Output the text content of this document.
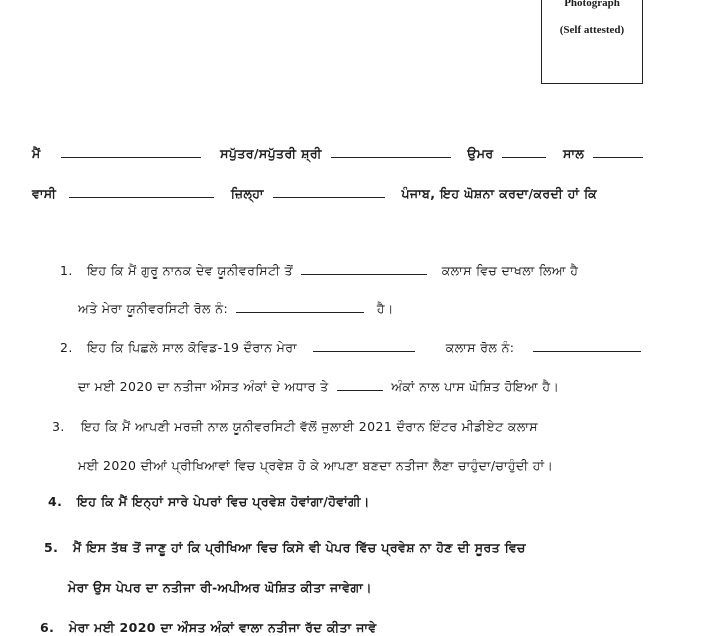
Photograph
(Self attested)
ਮੈਂ	ਸਪੁੱਤਰ/ਸਪੁੱਤਰੀ ਸ਼੍ਰੀ	ਉਮਰ	ਸਾਲ
ਵਾਸੀ	ਜ਼ਿਲ੍ਹਾ	ਪੰਜਾਬ, ਇਹ ਘੋਸ਼ਨਾ ਕਰਦਾ/ਕਰਦੀ ਹਾਂ ਕਿ
1. ਇਹ ਕਿ ਮੈਂ ਗੁਰੂ ਨਾਨਕ ਦੇਵ ਯੂਨੀਵਰਸਿਟੀ ਤੋਂ	ਕਲਾਸ ਵਿਚ ਦਾਖਲਾ ਲਿਆ ਹੈ
ਅਤੇ ਮੇਰਾ ਯੂਨੀਵਰਸਿਟੀ ਰੋਲ ਨੰ:	ਹੈ।
2. ਇਹ ਕਿ ਪਿਛਲੇ ਸਾਲ ਕੋਵਿਡ-19 ਦੌਰਾਨ ਮੇਰਾ	ਕਲਾਸ ਰੋਲ ਨੰ:
ਦਾ ਮਈ 2020 ਦਾ ਨਤੀਜਾ ਔਸਤ ਅੰਕਾਂ ਦੇ ਅਧਾਰ ਤੇ	ਅੰਕਾਂ ਨਾਲ ਪਾਸ ਘੋਸ਼ਿਤ ਹੋਇਆ ਹੈ।
3. ਇਹ ਕਿ ਮੈਂ ਆਪਣੀ ਮਰਜ਼ੀ ਨਾਲ ਯੂਨੀਵਰਸਿਟੀ ਵੱਲੋਂ ਜੁਲਾਈ 2021 ਦੌਰਾਨ ਇੰਟਰ ਮੀਡੀਏਟ ਕਲਾਸ
ਮਈ 2020 ਦੀਆਂ ਪ੍ਰੀਖਿਆਵਾਂ ਵਿਚ ਪ੍ਰਵੇਸ਼ ਹੋ ਕੇ ਆਪਣਾ ਬਣਦਾ ਨਤੀਜਾ ਲੈਣਾ ਚਾਹੁੰਦਾ/ਚਾਹੁੰਦੀ ਹਾਂ।
4. ਇਹ ਕਿ ਮੈਂ ਇਨ੍ਹਾਂ ਸਾਰੇ ਪੇਪਰਾਂ ਵਿਚ ਪ੍ਰਵੇਸ਼ ਹੋਵਾਂਗਾ/ਹੋਵਾਂਗੀ।
5. ਮੈਂ ਇਸ ਤੱਥ ਤੋਂ ਜਾਣੂ ਹਾਂ ਕਿ ਪ੍ਰੀਖਿਆ ਵਿਚ ਕਿਸੇ ਵੀ ਪੇਪਰ ਵਿੱਚ ਪ੍ਰਵੇਸ਼ ਨਾ ਹੋਣ ਦੀ ਸੂਰਤ ਵਿਚ
ਮੇਰਾ ਉਸ ਪੇਪਰ ਦਾ ਨਤੀਜਾ ਰੀ-ਅਪੀਅਰ ਘੋਸ਼ਿਤ ਕੀਤਾ ਜਾਵੇਗਾ।
6. ਮੇਰਾ ਮਈ 2020 ਦਾ ਔਸਤ ਅੰਕਾਂ ਵਾਲਾ ਨਤੀਜਾ ਰੱਦ ਕੀਤਾ ਜਾਵੇ
